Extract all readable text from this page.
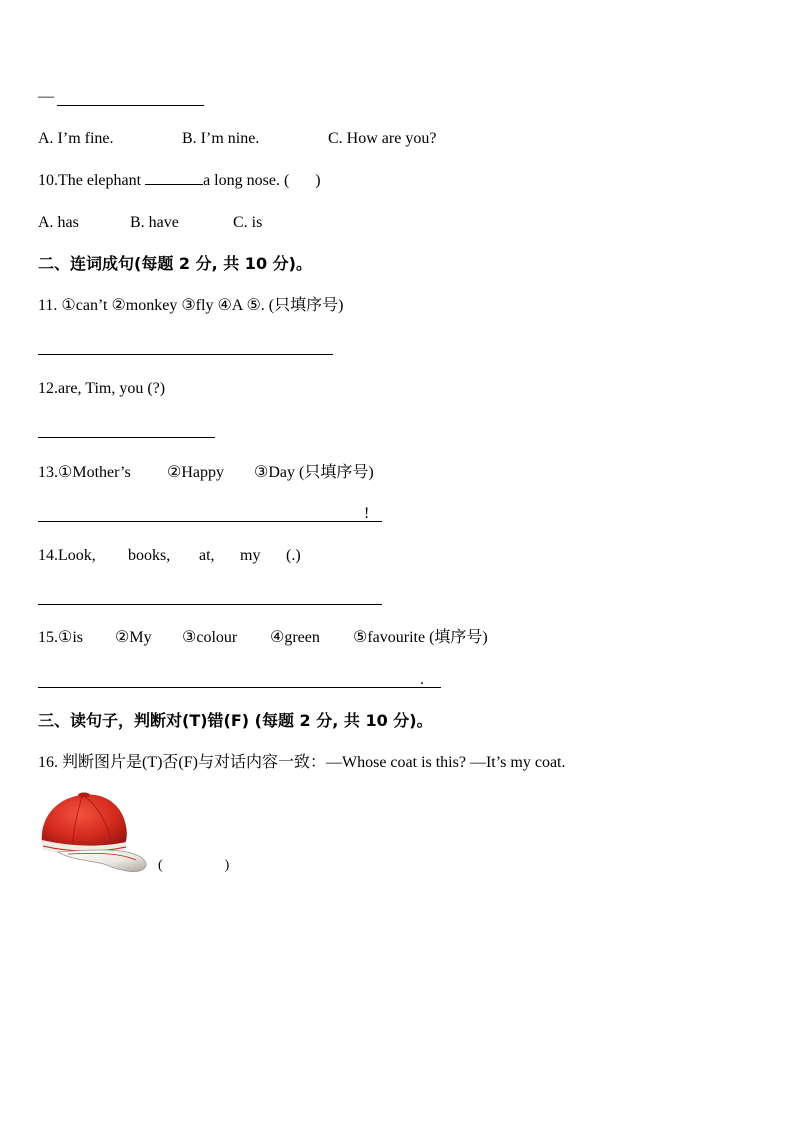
—
A. I’m fine.	B. I’m nine.	C. How are you?
10.The elephant	a long nose. ( )
A. has	B. have	C. is
二、连词成句(每题 2 分, 共 10 分)。
11. ①can’t ②monkey ③fly ④A ⑤. (只填序号)
12.are, Tim, you (?)
13.①Mother’s ②Happy ③Day (只填序号)
!
14.Look, books, at, my (.)
15.①is ②My ③colour ④green ⑤favourite (填序号)
.
三、读句子，判断对(T)错(F) (每题 2 分, 共 10 分)。
16. 判断图片是(T)否(F)与对话内容一致：—Whose coat is this? —It’s my coat.
(	)
